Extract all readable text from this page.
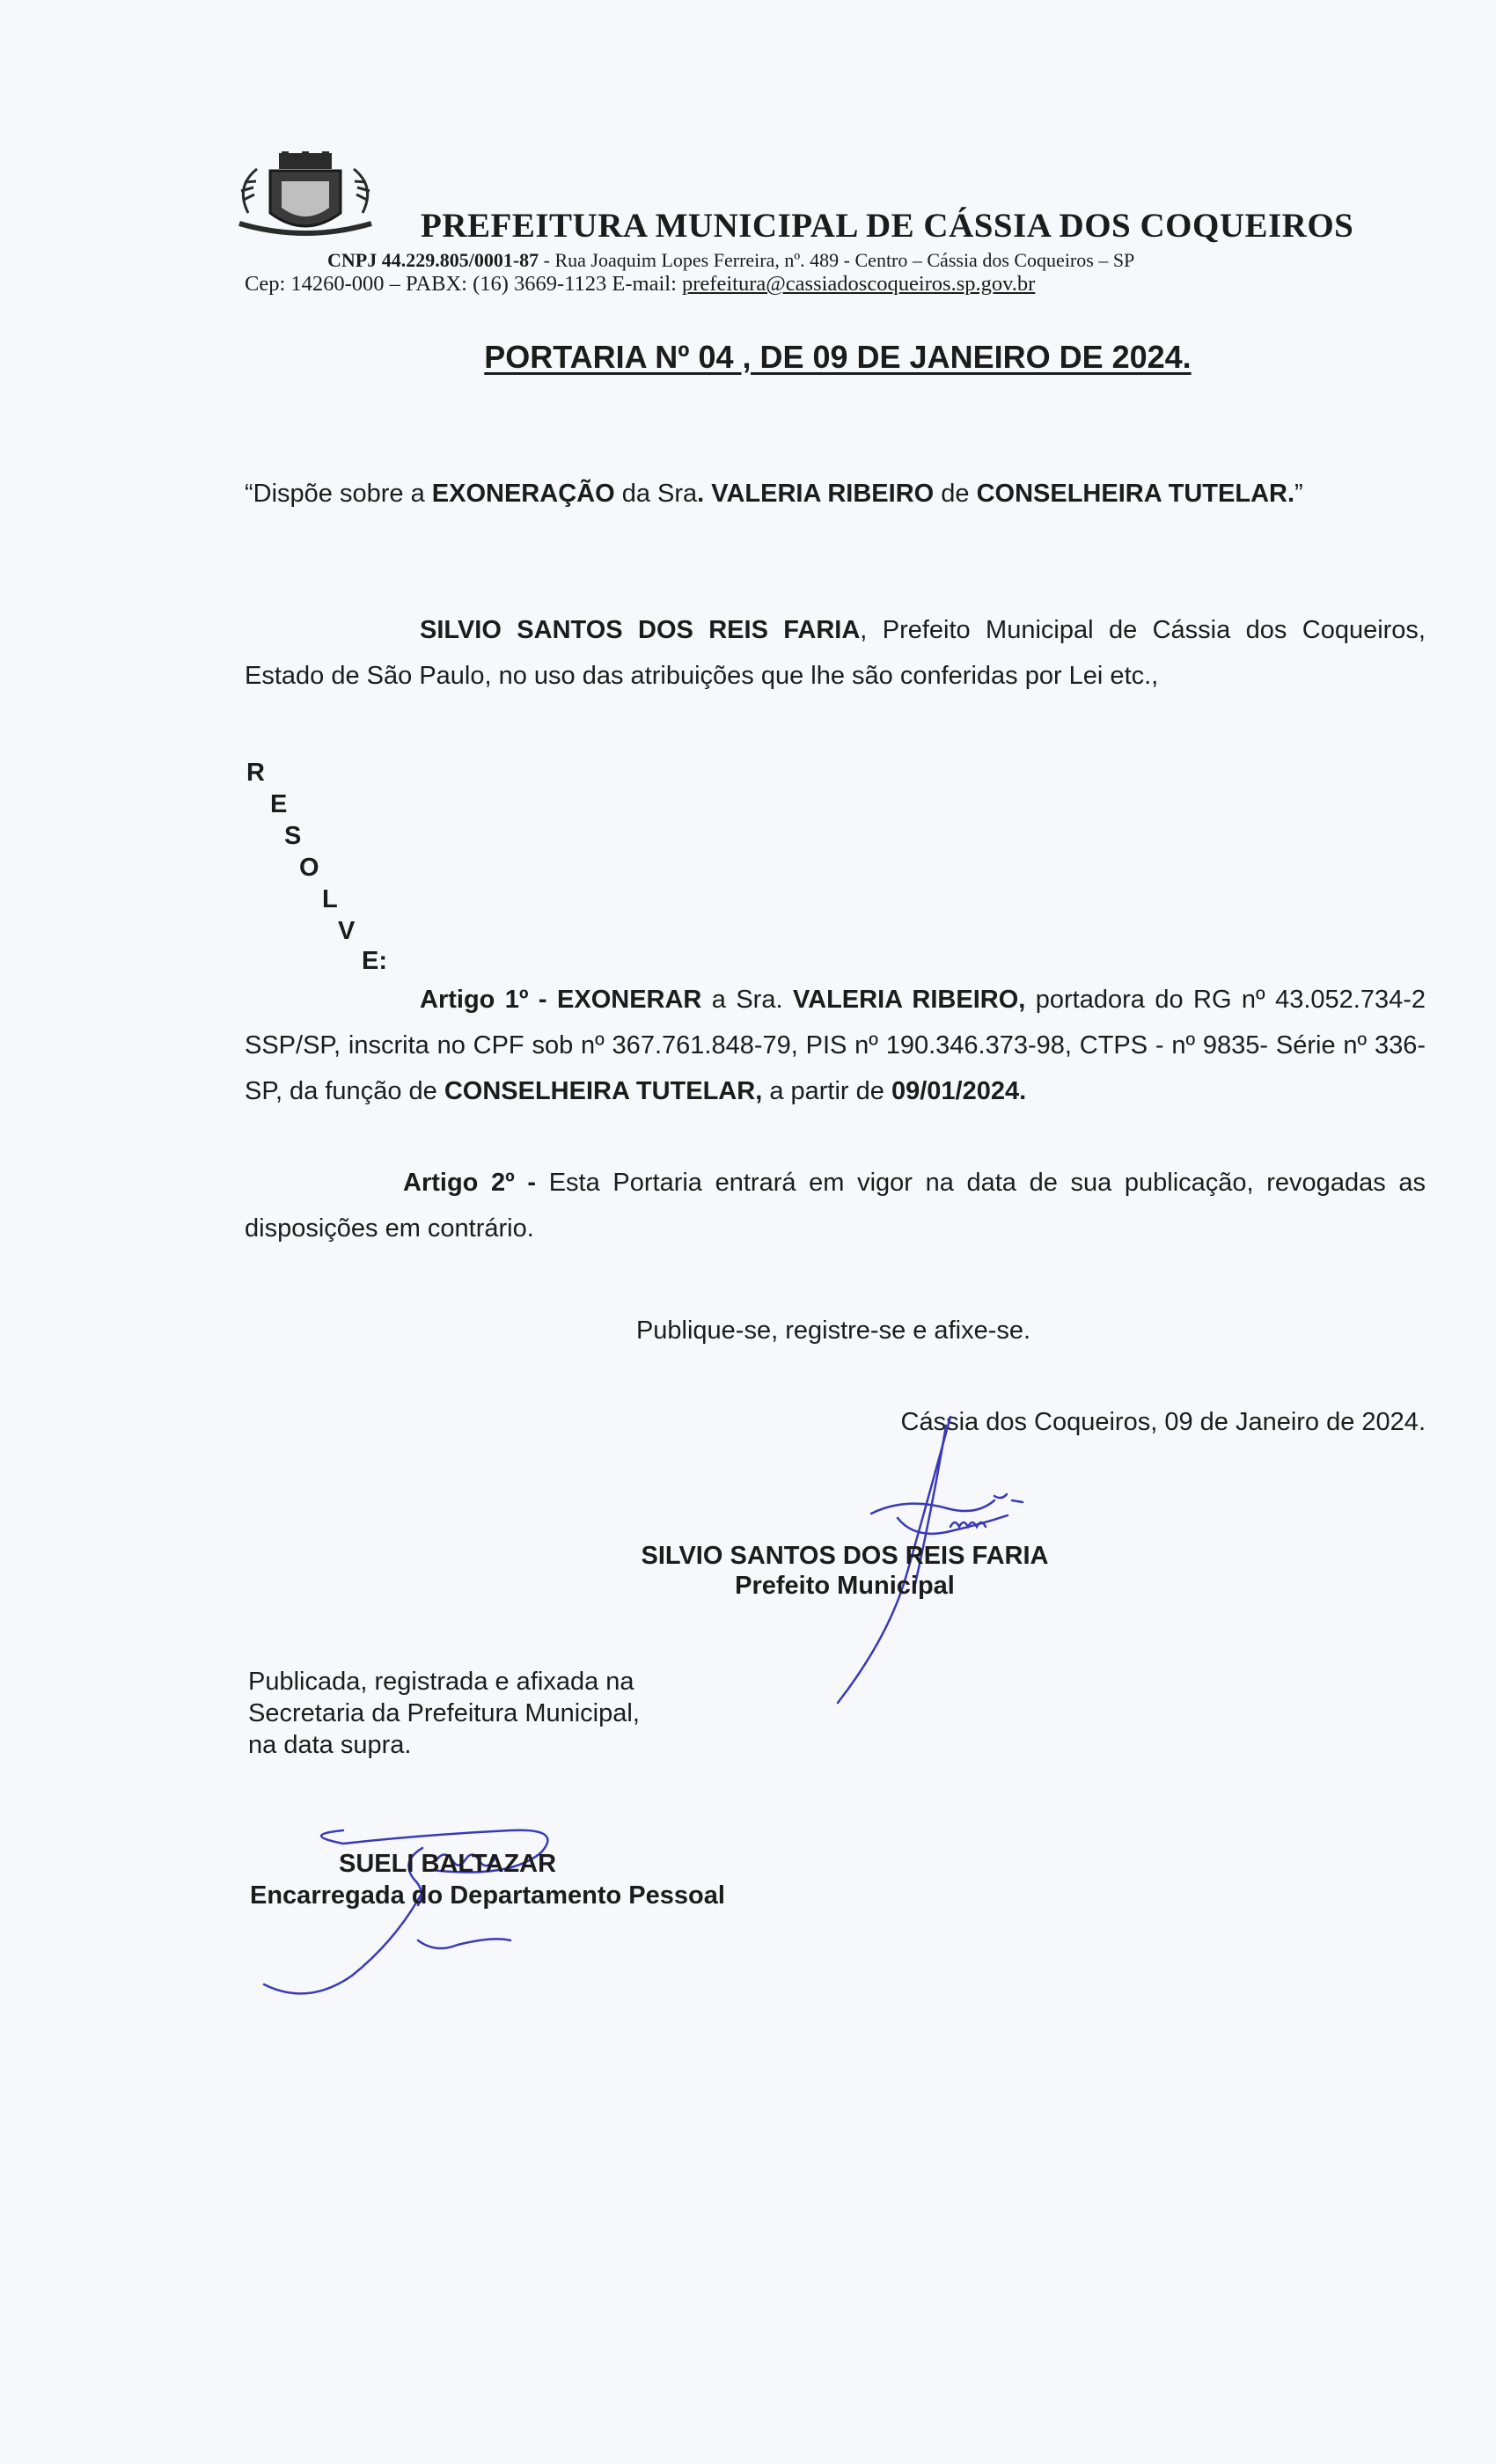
PREFEITURA MUNICIPAL DE CÁSSIA DOS COQUEIROS
CNPJ 44.229.805/0001-87 - Rua Joaquim Lopes Ferreira, nº. 489 - Centro – Cássia dos Coqueiros – SP
Cep: 14260-000 – PABX: (16) 3669-1123 E-mail: prefeitura@cassiadoscoqueiros.sp.gov.br
PORTARIA Nº 04 , DE 09 DE JANEIRO DE 2024.
“Dispõe sobre a EXONERAÇÃO da Sra. VALERIA RIBEIRO de CONSELHEIRA TUTELAR.”
SILVIO SANTOS DOS REIS FARIA, Prefeito Municipal de Cássia dos Coqueiros, Estado de São Paulo, no uso das atribuições que lhe são conferidas por Lei etc.,
R
E
S
O
L
V
E:
Artigo 1º - EXONERAR a Sra. VALERIA RIBEIRO, portadora do RG nº 43.052.734-2 SSP/SP, inscrita no CPF sob nº 367.761.848-79, PIS nº 190.346.373-98, CTPS - nº 9835- Série nº 336-SP, da função de CONSELHEIRA TUTELAR, a partir de 09/01/2024.
Artigo 2º - Esta Portaria entrará em vigor na data de sua publicação, revogadas as disposições em contrário.
Publique-se, registre-se e afixe-se.
Cássia dos Coqueiros, 09 de Janeiro de 2024.
SILVIO SANTOS DOS REIS FARIA
Prefeito Municipal
Publicada, registrada e afixada na
Secretaria da Prefeitura Municipal,
na data supra.
SUELI BALTAZAR
Encarregada do Departamento Pessoal
